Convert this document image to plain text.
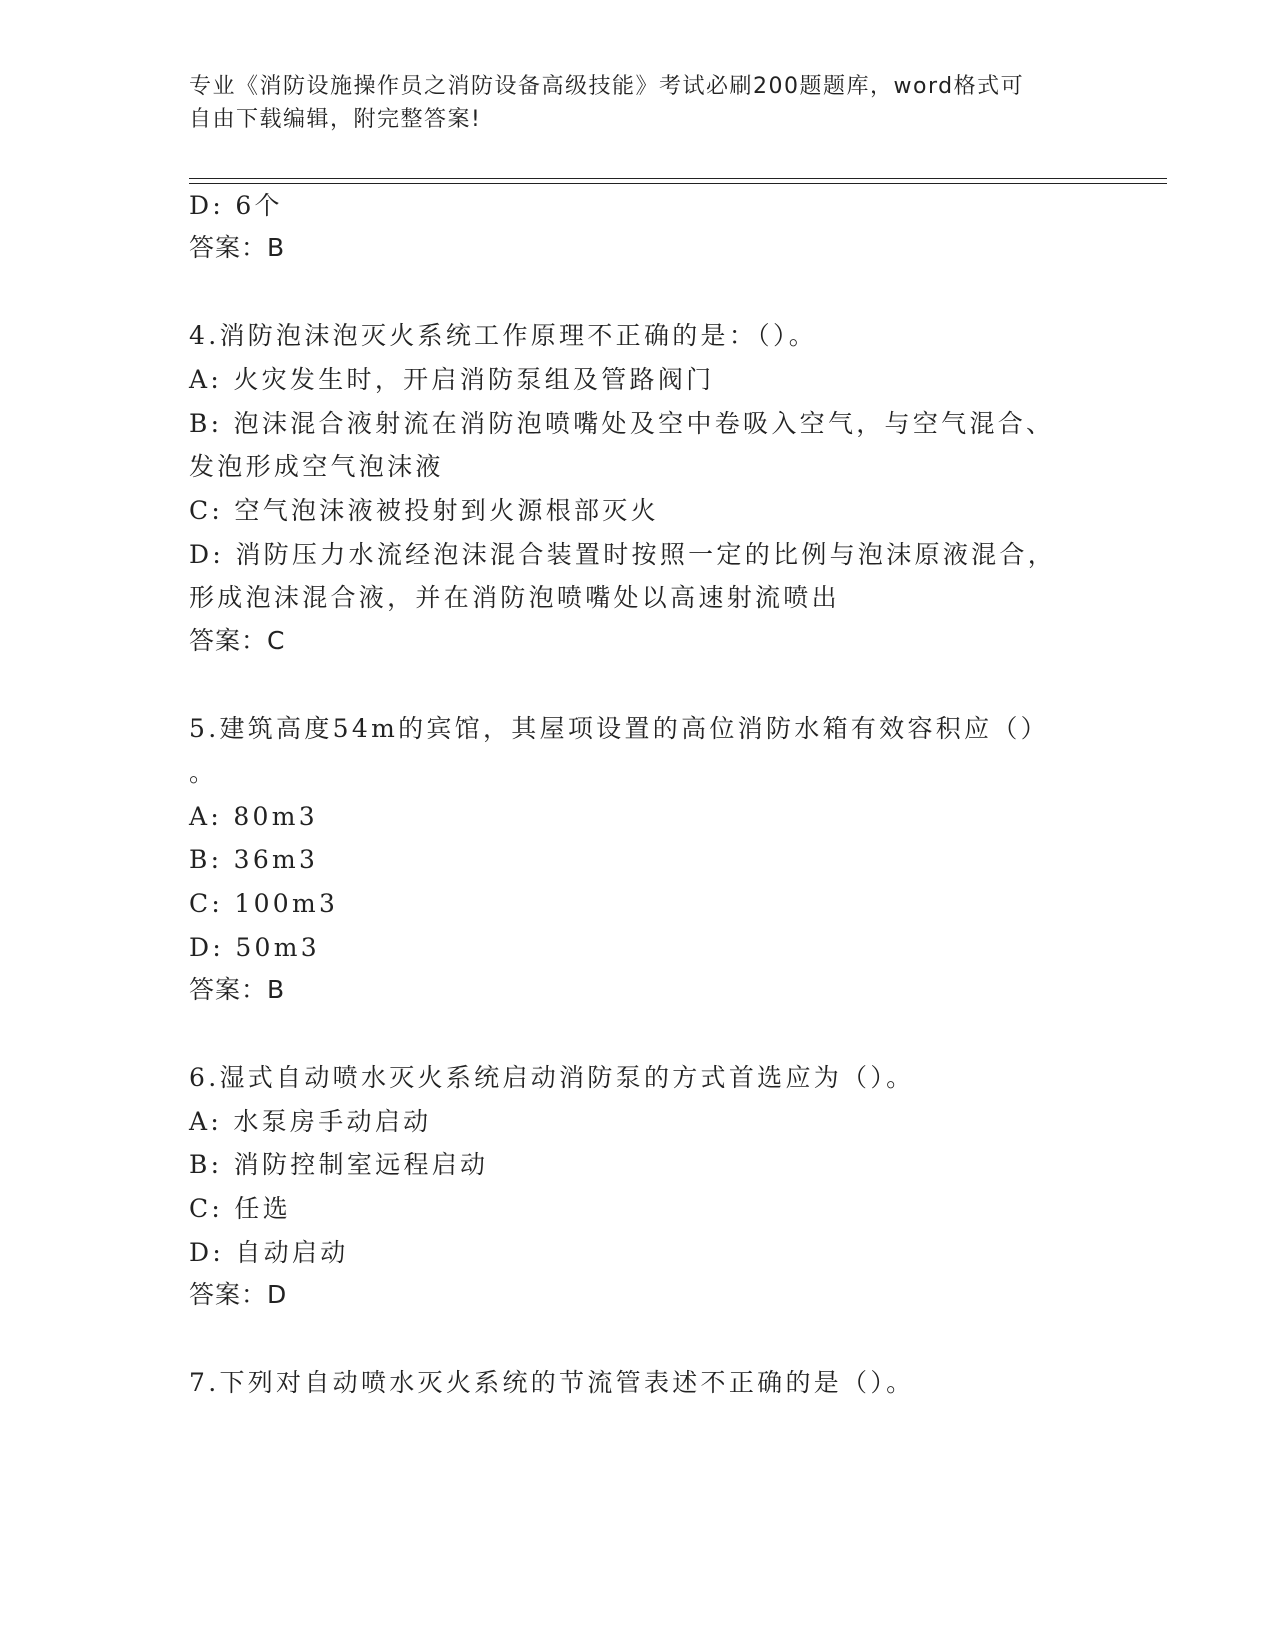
专业《消防设施操作员之消防设备高级技能》考试必刷200题题库，word格式可
自由下载编辑，附完整答案!
D: 6个
答案：B
4.消防泡沫泡灭火系统工作原理不正确的是：（）。
A: 火灾发生时，开启消防泵组及管路阀门
B: 泡沫混合液射流在消防泡喷嘴处及空中卷吸入空气，与空气混合、
发泡形成空气泡沫液
C: 空气泡沫液被投射到火源根部灭火
D: 消防压力水流经泡沫混合装置时按照一定的比例与泡沫原液混合，
形成泡沫混合液，并在消防泡喷嘴处以高速射流喷出
答案：C
5.建筑高度54m的宾馆，其屋项设置的高位消防水箱有效容积应（）
。
A: 80m3
B: 36m3
C: 100m3
D: 50m3
答案：B
6.湿式自动喷水灭火系统启动消防泵的方式首选应为（）。
A: 水泵房手动启动
B: 消防控制室远程启动
C: 任选
D: 自动启动
答案：D
7.下列对自动喷水灭火系统的节流管表述不正确的是（）。
